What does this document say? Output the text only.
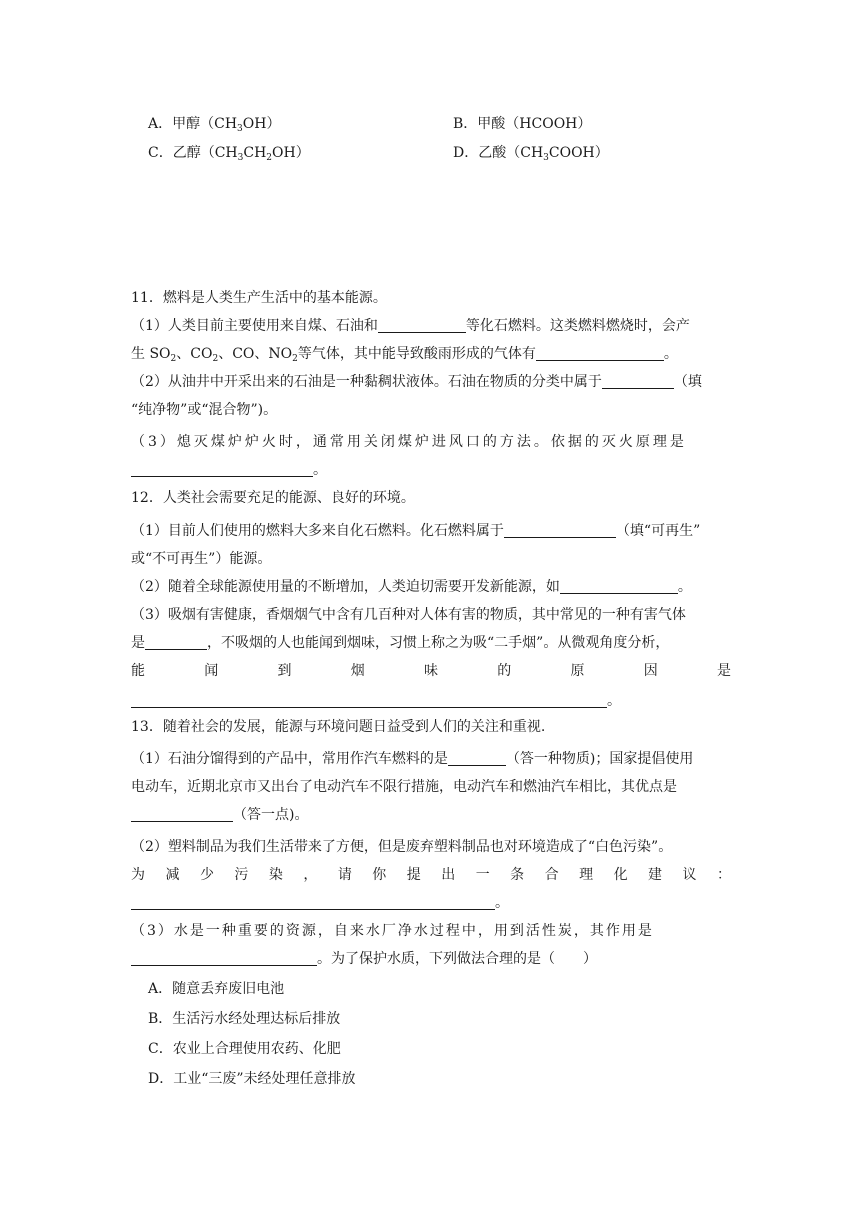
A．甲醇$(CH_3OH)$	B．甲酸（HCOOH）
C．乙醇$(CH_3CH_2OH)$	D．乙酸$(CH_3COOH)$
11．燃料是人类生产生活中的基本能源。
（1）人类目前主要使用来自煤、石油和	等化石燃料。这类燃料燃烧时，会产
生 $SO_2$、$CO_2$、CO、$NO_2$等气体，其中能导致酸雨形成的气体有	。
（2）从油井中开采出来的石油是一种黏稠状液体。石油在物质的分类中属于	（填
“纯净物”或“混合物”)。
（3）熄灭煤炉炉火时，通常用关闭煤炉进风口的方法。依据的灭火原理是
。
12．人类社会需要充足的能源、良好的环境。
（1）目前人们使用的燃料大多来自化石燃料。化石燃料属于	（填“可再生”
或“不可再生”）能源。
（2）随着全球能源使用量的不断增加，人类迫切需要开发新能源，如	。
（3）吸烟有害健康，香烟烟气中含有几百种对人体有害的物质，其中常见的一种有害气体
是	，不吸烟的人也能闻到烟味，习惯上称之为吸“二手烟”。从微观角度分析，
能	闻	到	烟	味	的	原	因	是
。
13．随着社会的发展，能源与环境问题日益受到人们的关注和重视.
（1）石油分馏得到的产品中，常用作汽车燃料的是	（答一种物质)；国家提倡使用
电动车，近期北京市又出台了电动汽车不限行措施，电动汽车和燃油汽车相比，其优点是
（答一点)。
（2）塑料制品为我们生活带来了方便，但是废弃塑料制品也对环境造成了“白色污染”。
为 减 少 污 染 ， 请 你 提 出 一 条 合 理 化 建 议 ：
。
（3）水是一种重要的资源，自来水厂净水过程中，用到活性炭，其作用是
。为了保护水质，下列做法合理的是（　　）
A．随意丢弃废旧电池
B．生活污水经处理达标后排放
C．农业上合理使用农药、化肥
D．工业“三废”未经处理任意排放
